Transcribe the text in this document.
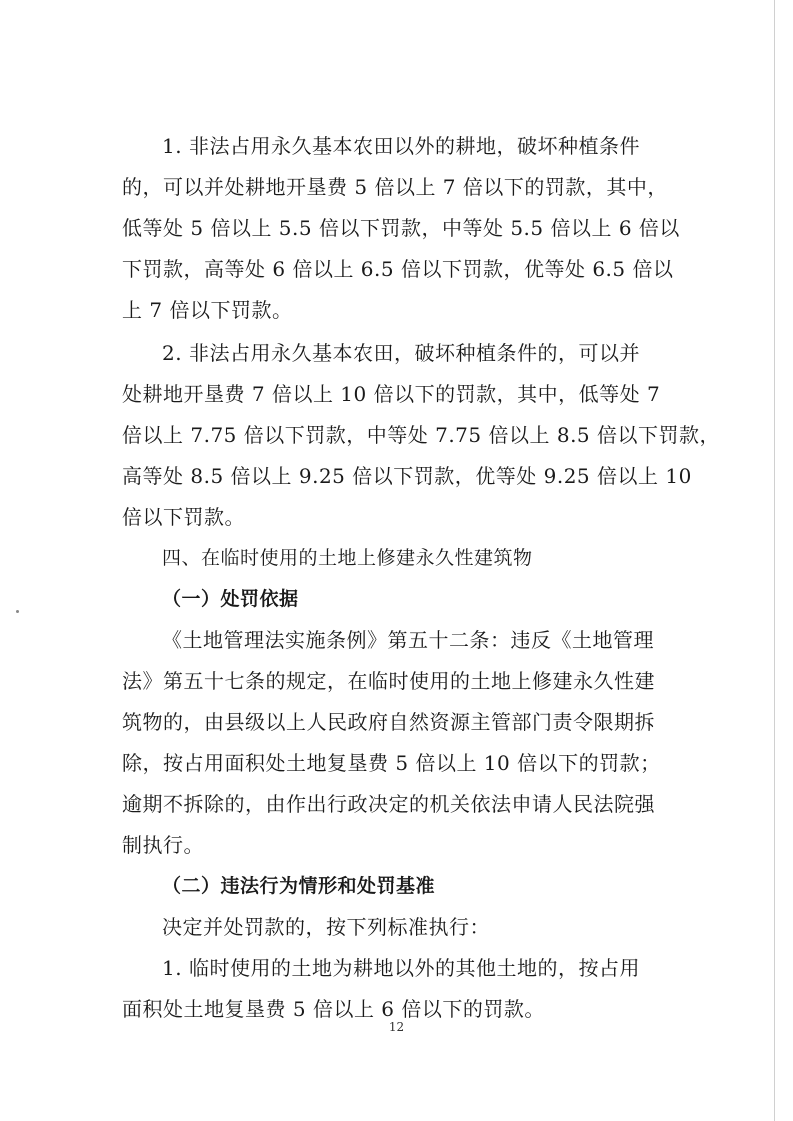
1. 非法占用永久基本农田以外的耕地，破坏种植条件
的，可以并处耕地开垦费 5 倍以上 7 倍以下的罚款，其中，
低等处 5 倍以上 5.5 倍以下罚款，中等处 5.5 倍以上 6 倍以
下罚款，高等处 6 倍以上 6.5 倍以下罚款，优等处 6.5 倍以
上 7 倍以下罚款。
2. 非法占用永久基本农田，破坏种植条件的，可以并
处耕地开垦费 7 倍以上 10 倍以下的罚款，其中，低等处 7
倍以上 7.75 倍以下罚款，中等处 7.75 倍以上 8.5 倍以下罚款，
高等处 8.5 倍以上 9.25 倍以下罚款，优等处 9.25 倍以上 10
倍以下罚款。
四、在临时使用的土地上修建永久性建筑物
（一）处罚依据
《土地管理法实施条例》第五十二条：违反《土地管理
法》第五十七条的规定，在临时使用的土地上修建永久性建
筑物的，由县级以上人民政府自然资源主管部门责令限期拆
除，按占用面积处土地复垦费 5 倍以上 10 倍以下的罚款；
逾期不拆除的，由作出行政决定的机关依法申请人民法院强
制执行。
（二）违法行为情形和处罚基准
决定并处罚款的，按下列标准执行：
1. 临时使用的土地为耕地以外的其他土地的，按占用
面积处土地复垦费 5 倍以上 6 倍以下的罚款。
12
